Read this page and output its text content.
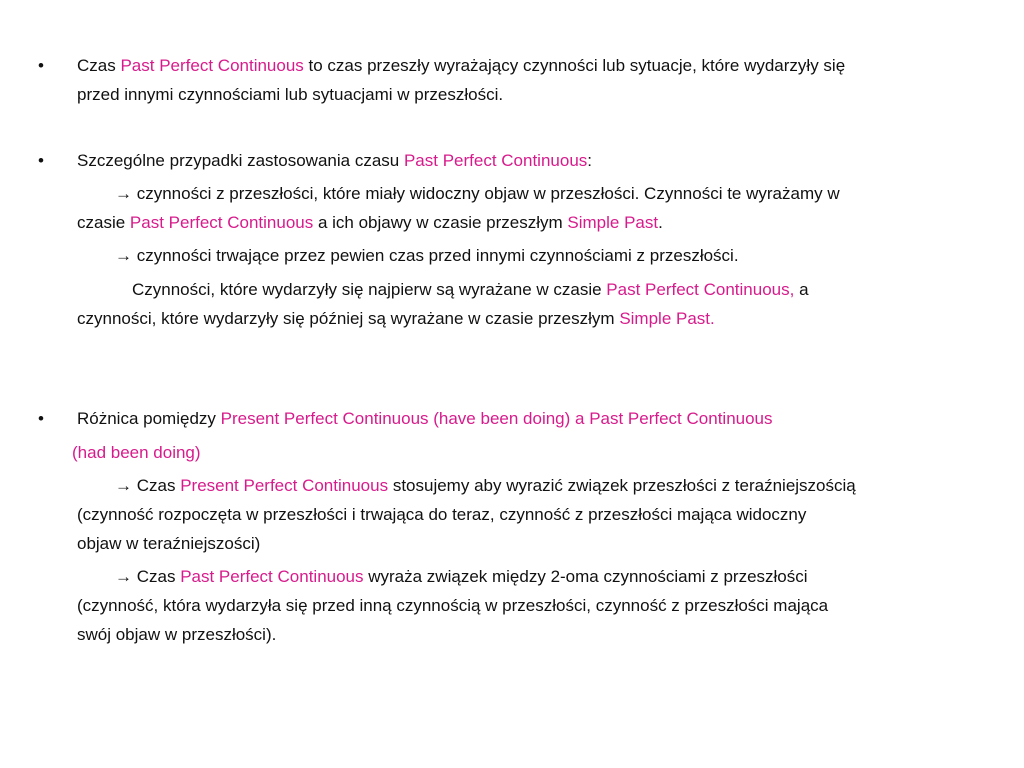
• Czas Past Perfect Continuous to czas przeszły wyrażający czynności lub sytuacje, które wydarzyły się
przed innymi czynnościami lub sytuacjami w przeszłości.
• Szczególne przypadki zastosowania czasu Past Perfect Continuous:
→ czynności z przeszłości, które miały widoczny objaw w przeszłości. Czynności te wyrażamy w
czasie Past Perfect Continuous a ich objawy w czasie przeszłym Simple Past.
→ czynności trwające przez pewien czas przed innymi czynnościami z przeszłości.
Czynności, które wydarzyły się najpierw są wyrażane w czasie Past Perfect Continuous, a
czynności, które wydarzyły się później są wyrażane w czasie przeszłym Simple Past.
• Różnica pomiędzy Present Perfect Continuous (have been doing) a Past Perfect Continuous
(had been doing)
→ Czas Present Perfect Continuous stosujemy aby wyrazić związek przeszłości z teraźniejszością
(czynność rozpoczęta w przeszłości i trwająca do teraz, czynność z przeszłości mająca widoczny
objaw w teraźniejszości)
→ Czas Past Perfect Continuous wyraża związek między 2-oma czynnościami z przeszłości
(czynność, która wydarzyła się przed inną czynnością w przeszłości, czynność z przeszłości mająca
swój objaw w przeszłości).
